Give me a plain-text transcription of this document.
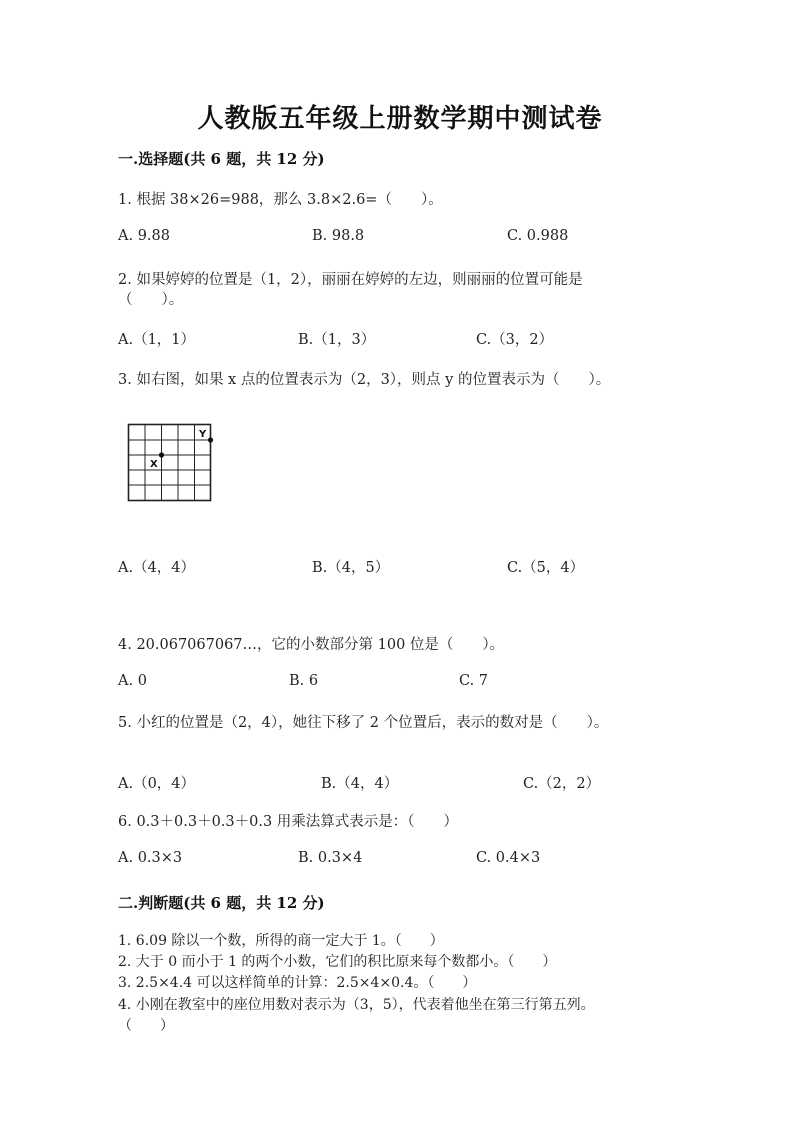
人教版五年级上册数学期中测试卷
一.选择题(共 6 题，共 12 分)
1. 根据 38×26=988，那么 3.8×2.6=（　　）。
A. 9.88	B. 98.8	C. 0.988
2. 如果婷婷的位置是（1，2），丽丽在婷婷的左边，则丽丽的位置可能是
（　　）。
A.（1，1）	B.（1，3）	C.（3，2）
3. 如右图，如果 x 点的位置表示为（2，3），则点 y 的位置表示为（　　）。
X
Y
A.（4，4）	B.（4，5）	C.（5，4）
4. 20.067067067…，它的小数部分第 100 位是（　　）。
A. 0	B. 6	C. 7
5. 小红的位置是（2，4），她往下移了 2 个位置后，表示的数对是（　　）。
A.（0，4）	B.（4，4）	C.（2，2）
6. 0.3＋0.3＋0.3＋0.3 用乘法算式表示是：（　　）
A. 0.3×3	B. 0.3×4	C. 0.4×3
二.判断题(共 6 题，共 12 分)
1. 6.09 除以一个数，所得的商一定大于 1。（　　）
2. 大于 0 而小于 1 的两个小数，它们的积比原来每个数都小。（　　）
3. 2.5×4.4 可以这样简单的计算：2.5×4×0.4。（　　）
4. 小刚在教室中的座位用数对表示为（3，5），代表着他坐在第三行第五列。
（　　）
